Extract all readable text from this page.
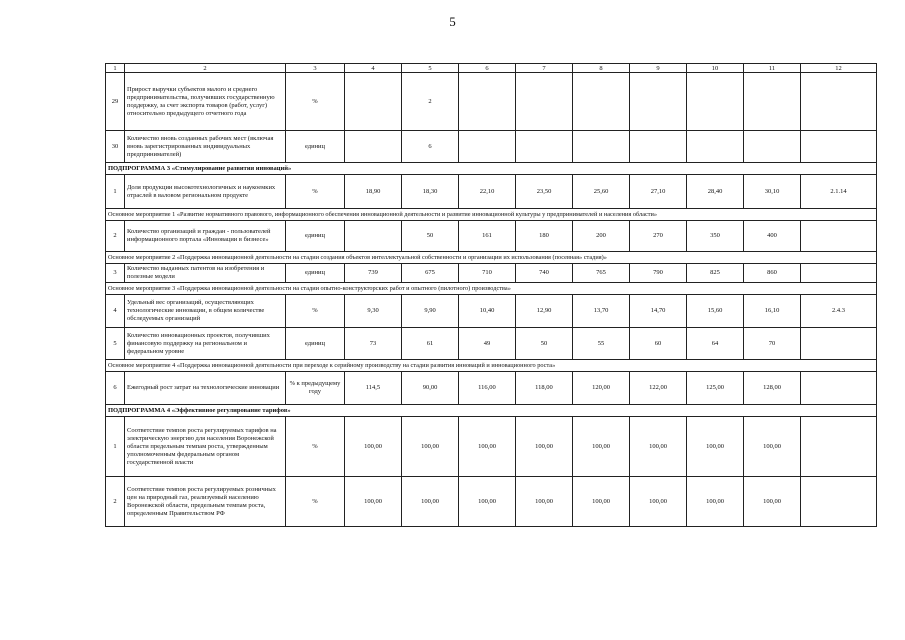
5
1	2	3	4	5	6	7	8	9	10	11	12
29	Прирост выручки субъектов малого и среднего предпринимательства, получивших государственную поддержку, за счет экспорта товаров (работ, услуг) относительно предыдущего отчетного года	%		2							
30	Количество вновь созданных рабочих мест (включая вновь зарегистрированных индивидуальных предпринимателей)	единиц		6							
ПОДПРОГРАММА 3 «Стимулирование развития инноваций»											
1	Доля продукции высокотехнологичных и наукоемких отраслей в валовом региональном продукте	%	18,90	18,30	22,10	23,50	25,60	27,10	28,40	30,10	2.1.14
Основное мероприятие 1 «Развитие нормативного правового, информационного обеспечения инновационной деятельности и развитие инновационной культуры у предпринимателей и населения области»											
2	Количество организаций и граждан - пользователей информационного портала «Инновации в бизнесе»	единиц		50	161	180	200	270	350	400	
Основное мероприятие 2 «Поддержка инновационной деятельности на стадии создания объектов интеллектуальной собственности и организации их использования (посевная» стадия)»											
3	Количество выданных патентов на изобретения и полезные модели	единиц	739	675	710	740	765	790	825	860	
Основное мероприятие 3 «Поддержка инновационной деятельности на стадии опытно-конструкторских работ и опытного (пилотного) производства»											
4	Удельный вес организаций, осуществляющих технологические инновации, в общем количестве обследуемых организаций	%	9,30	9,90	10,40	12,90	13,70	14,70	15,60	16,10	2.4.3
5	Количество инновационных проектов, получивших финансовую поддержку на региональном и федеральном уровне	единиц	73	61	49	50	55	60	64	70	
Основное мероприятие 4 «Поддержка инновационной деятельности при переходе к серийному производству на стадии развития инноваций и инновационного роста»											
6	Ежегодный рост затрат на технологические инновации	% к предыдущему году	114,5	90,00	116,00	118,00	120,00	122,00	125,00	128,00	
ПОДПРОГРАММА 4 «Эффективное регулирование тарифов»											
1	Соответствие темпов роста регулируемых тарифов на электрическую энергию для населения Воронежской области предельным темпам роста, утвержденным уполномоченным федеральным органом государственной власти	%	100,00	100,00	100,00	100,00	100,00	100,00	100,00	100,00	
2	Соответствие темпов роста регулируемых розничных цен на природный газ, реализуемый населению Воронежской области, предельным темпам роста, определенным Правительством РФ	%	100,00	100,00	100,00	100,00	100,00	100,00	100,00	100,00	
